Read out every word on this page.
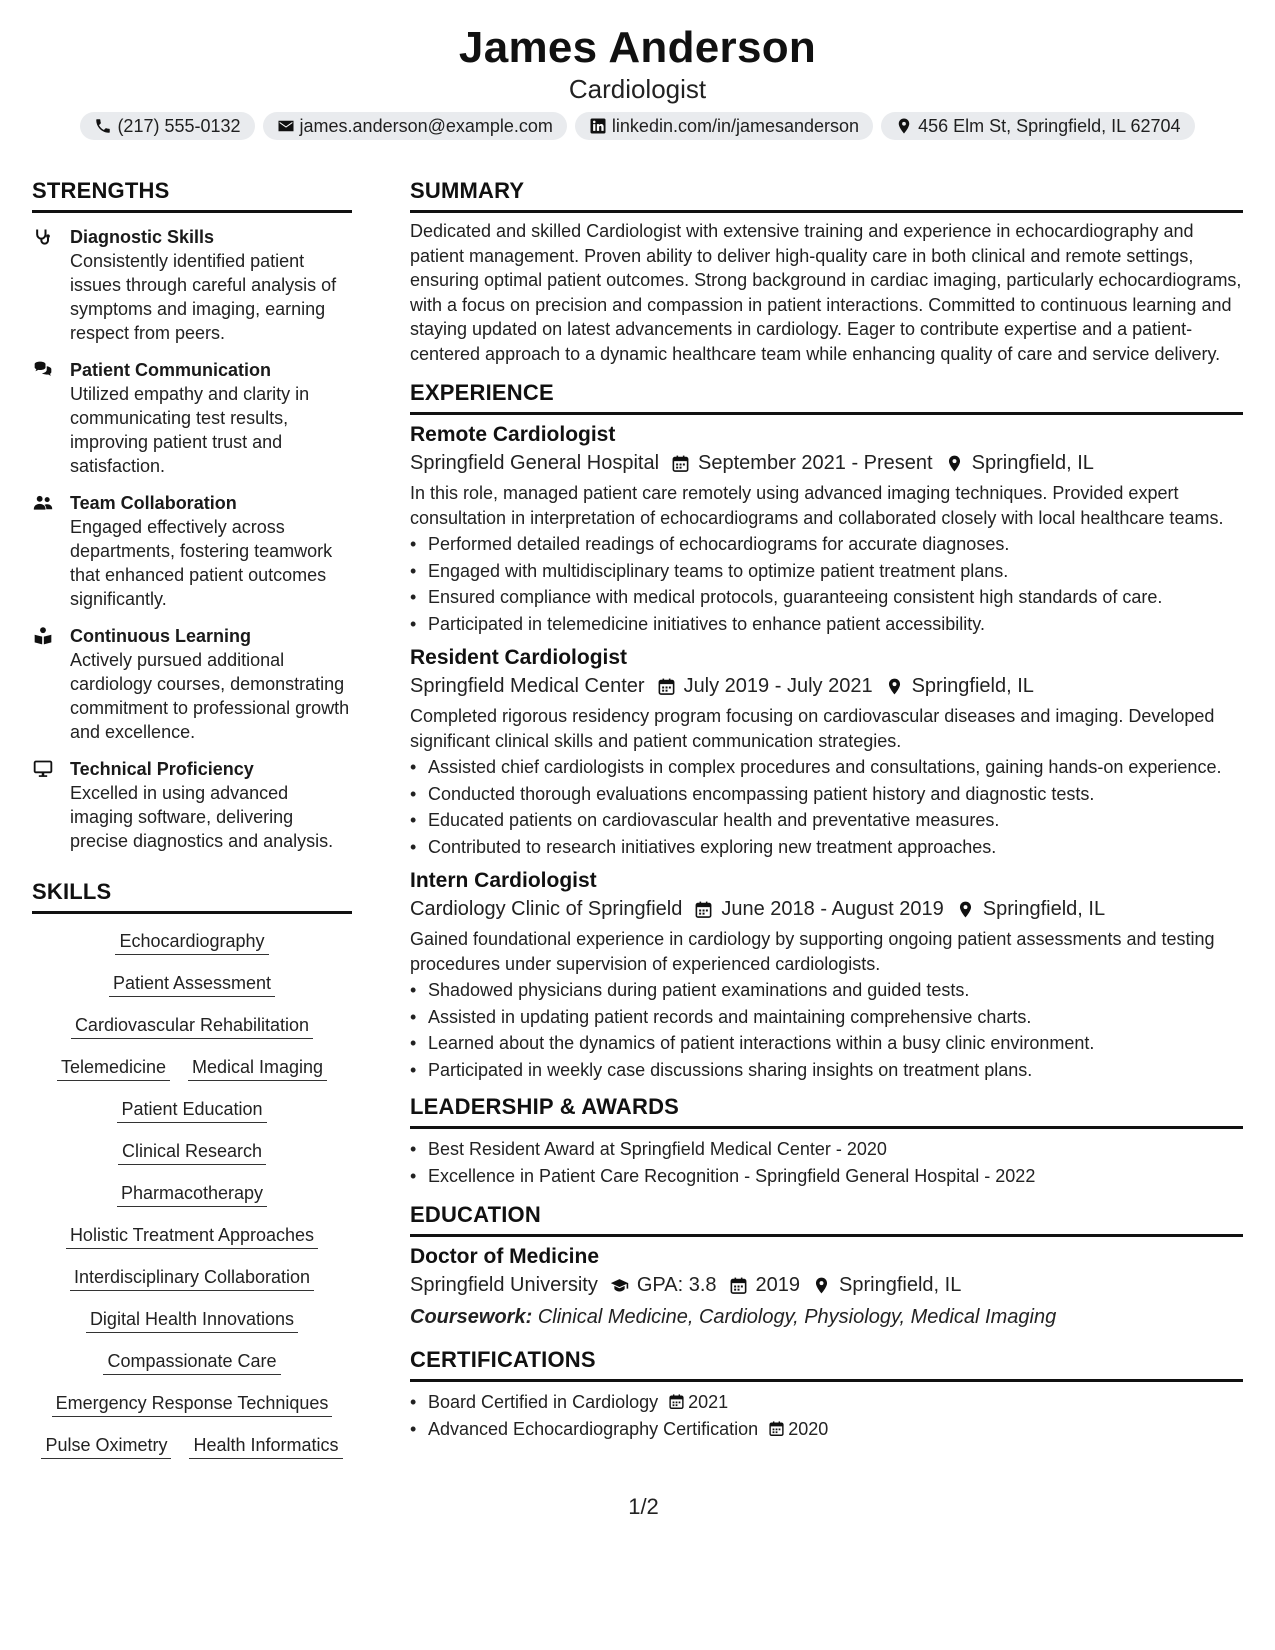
James Anderson
Cardiologist
(217) 555-0132	james.anderson@example.com	linkedin.com/in/jamesanderson	456 Elm St, Springfield, IL 62704
STRENGTHS
Diagnostic Skills
Consistently identified patient issues through careful analysis of symptoms and imaging, earning respect from peers.
Patient Communication
Utilized empathy and clarity in communicating test results, improving patient trust and satisfaction.
Team Collaboration
Engaged effectively across departments, fostering teamwork that enhanced patient outcomes significantly.
Continuous Learning
Actively pursued additional cardiology courses, demonstrating commitment to professional growth and excellence.
Technical Proficiency
Excelled in using advanced imaging software, delivering precise diagnostics and analysis.
SKILLS
Echocardiography
Patient Assessment
Cardiovascular Rehabilitation
Telemedicine Medical Imaging
Patient Education
Clinical Research
Pharmacotherapy
Holistic Treatment Approaches
Interdisciplinary Collaboration
Digital Health Innovations
Compassionate Care
Emergency Response Techniques
Pulse Oximetry Health Informatics
SUMMARY
Dedicated and skilled Cardiologist with extensive training and experience in echocardiography and patient management. Proven ability to deliver high-quality care in both clinical and remote settings, ensuring optimal patient outcomes. Strong background in cardiac imaging, particularly echocardiograms, with a focus on precision and compassion in patient interactions. Committed to continuous learning and staying updated on latest advancements in cardiology. Eager to contribute expertise and a patient-centered approach to a dynamic healthcare team while enhancing quality of care and service delivery.
EXPERIENCE
Remote Cardiologist
Springfield General Hospital September 2021 - Present Springfield, IL
In this role, managed patient care remotely using advanced imaging techniques. Provided expert consultation in interpretation of echocardiograms and collaborated closely with local healthcare teams.
• Performed detailed readings of echocardiograms for accurate diagnoses.
• Engaged with multidisciplinary teams to optimize patient treatment plans.
• Ensured compliance with medical protocols, guaranteeing consistent high standards of care.
• Participated in telemedicine initiatives to enhance patient accessibility.
Resident Cardiologist
Springfield Medical Center July 2019 - July 2021 Springfield, IL
Completed rigorous residency program focusing on cardiovascular diseases and imaging. Developed significant clinical skills and patient communication strategies.
• Assisted chief cardiologists in complex procedures and consultations, gaining hands-on experience.
• Conducted thorough evaluations encompassing patient history and diagnostic tests.
• Educated patients on cardiovascular health and preventative measures.
• Contributed to research initiatives exploring new treatment approaches.
Intern Cardiologist
Cardiology Clinic of Springfield June 2018 - August 2019 Springfield, IL
Gained foundational experience in cardiology by supporting ongoing patient assessments and testing procedures under supervision of experienced cardiologists.
• Shadowed physicians during patient examinations and guided tests.
• Assisted in updating patient records and maintaining comprehensive charts.
• Learned about the dynamics of patient interactions within a busy clinic environment.
• Participated in weekly case discussions sharing insights on treatment plans.
LEADERSHIP & AWARDS
• Best Resident Award at Springfield Medical Center - 2020
• Excellence in Patient Care Recognition - Springfield General Hospital - 2022
EDUCATION
Doctor of Medicine
Springfield University GPA: 3.8 2019 Springfield, IL
Coursework: Clinical Medicine, Cardiology, Physiology, Medical Imaging
CERTIFICATIONS
• Board Certified in Cardiology 2021
• Advanced Echocardiography Certification 2020
1/2
